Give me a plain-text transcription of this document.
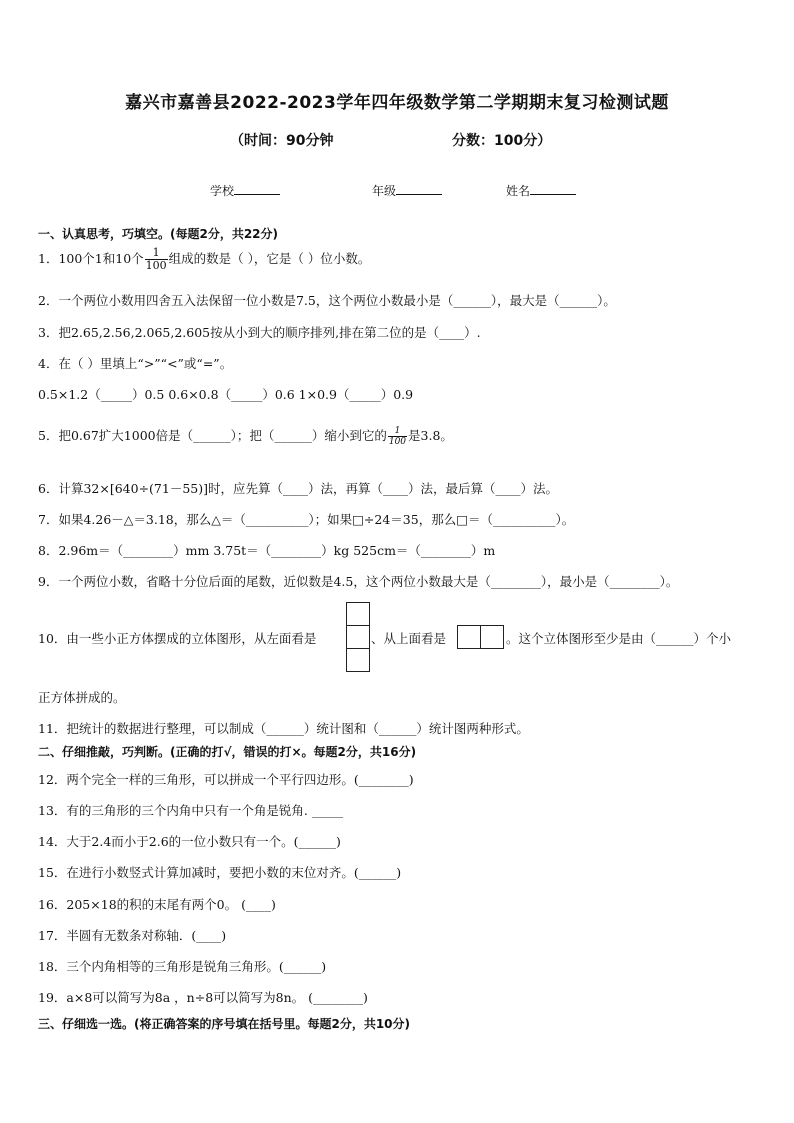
嘉兴市嘉善县2022-2023学年四年级数学第二学期期末复习检测试题
（时间：90分钟	分数：100分）
学校	年级	姓名
一、认真思考，巧填空。(每题2分，共22分)
1．100个1和10个 $\frac{1}{100}$ 组成的数是（ ），它是（ ）位小数。
2．一个两位小数用四舍五入法保留一位小数是7.5，这个两位小数最小是（______），最大是（______）。
3．把2.65,2.56,2.065,2.605按从小到大的顺序排列,排在第二位的是（____）.
4．在（ ）里填上“>”“<”或“=”。
0.5×1.2（_____）0.5 0.6×0.8（_____）0.6 1×0.9（_____）0.9
5．把0.67扩大1000倍是（______）；把（______）缩小到它的 $\frac{1}{100}$ 是3.8。
6．计算32×[640÷(71－55)]时，应先算（____）法，再算（____）法，最后算（____）法。
7．如果4.26－△＝3.18，那么△＝（__________）；如果□÷24＝35，那么□＝（__________）。
8．2.96m＝（________）mm 3.75t＝（________）kg 525cm＝（________）m
9．一个两位小数，省略十分位后面的尾数，近似数是4.5，这个两位小数最大是（________），最小是（________）。
10．由一些小正方体摆成的立体图形，从左面看是	、从上面看是	。这个立体图形至少是由（______）个小
正方体拼成的。
11．把统计的数据进行整理，可以制成（______）统计图和（______）统计图两种形式。
二、仔细推敲，巧判断。(正确的打√，错误的打×。每题2分，共16分)
12．两个完全一样的三角形，可以拼成一个平行四边形。(________)
13．有的三角形的三个内角中只有一个角是锐角. _____
14．大于2.4而小于2.6的一位小数只有一个。(______)
15．在进行小数竖式计算加减时，要把小数的末位对齐。(______)
16．205×18的积的末尾有两个0。 (____)
17．半圆有无数条对称轴．(____)
18．三个内角相等的三角形是锐角三角形。(______)
19．a×8可以简写为8a ，n÷8可以简写为8n。 (________)
三、仔细选一选。(将正确答案的序号填在括号里。每题2分，共10分)
